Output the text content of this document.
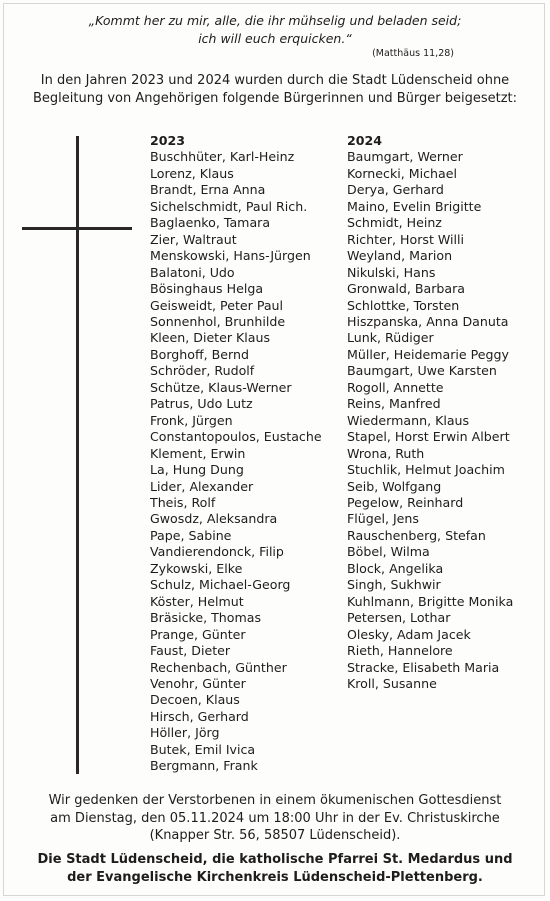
„Kommt her zu mir, alle, die ihr mühselig und beladen seid;
ich will euch erquicken.“
(Matthäus 11,28)
In den Jahren 2023 und 2024 wurden durch die Stadt Lüdenscheid ohne
Begleitung von Angehörigen folgende Bürgerinnen und Bürger beigesetzt:
2023
Buschhüter, Karl-Heinz
Lorenz, Klaus
Brandt, Erna Anna
Sichelschmidt, Paul Rich.
Baglaenko, Tamara
Zier, Waltraut
Menskowski, Hans-Jürgen
Balatoni, Udo
Bösinghaus Helga
Geisweidt, Peter Paul
Sonnenhol, Brunhilde
Kleen, Dieter Klaus
Borghoff, Bernd
Schröder, Rudolf
Schütze, Klaus-Werner
Patrus, Udo Lutz
Fronk, Jürgen
Constantopoulos, Eustache
Klement, Erwin
La, Hung Dung
Lider, Alexander
Theis, Rolf
Gwosdz, Aleksandra
Pape, Sabine
Vandierendonck, Filip
Zykowski, Elke
Schulz, Michael-Georg
Köster, Helmut
Bräsicke, Thomas
Prange, Günter
Faust, Dieter
Rechenbach, Günther
Venohr, Günter
Decoen, Klaus
Hirsch, Gerhard
Höller, Jörg
Butek, Emil Ivica
Bergmann, Frank
2024
Baumgart, Werner
Kornecki, Michael
Derya, Gerhard
Maino, Evelin Brigitte
Schmidt, Heinz
Richter, Horst Willi
Weyland, Marion
Nikulski, Hans
Gronwald, Barbara
Schlottke, Torsten
Hiszpanska, Anna Danuta
Lunk, Rüdiger
Müller, Heidemarie Peggy
Baumgart, Uwe Karsten
Rogoll, Annette
Reins, Manfred
Wiedermann, Klaus
Stapel, Horst Erwin Albert
Wrona, Ruth
Stuchlik, Helmut Joachim
Seib, Wolfgang
Pegelow, Reinhard
Flügel, Jens
Rauschenberg, Stefan
Böbel, Wilma
Block, Angelika
Singh, Sukhwir
Kuhlmann, Brigitte Monika
Petersen, Lothar
Olesky, Adam Jacek
Rieth, Hannelore
Stracke, Elisabeth Maria
Kroll, Susanne
Wir gedenken der Verstorbenen in einem ökumenischen Gottesdienst
am Dienstag, den 05.11.2024 um 18:00 Uhr in der Ev. Christuskirche
(Knapper Str. 56, 58507 Lüdenscheid).
Die Stadt Lüdenscheid, die katholische Pfarrei St. Medardus und
der Evangelische Kirchenkreis Lüdenscheid-Plettenberg.
